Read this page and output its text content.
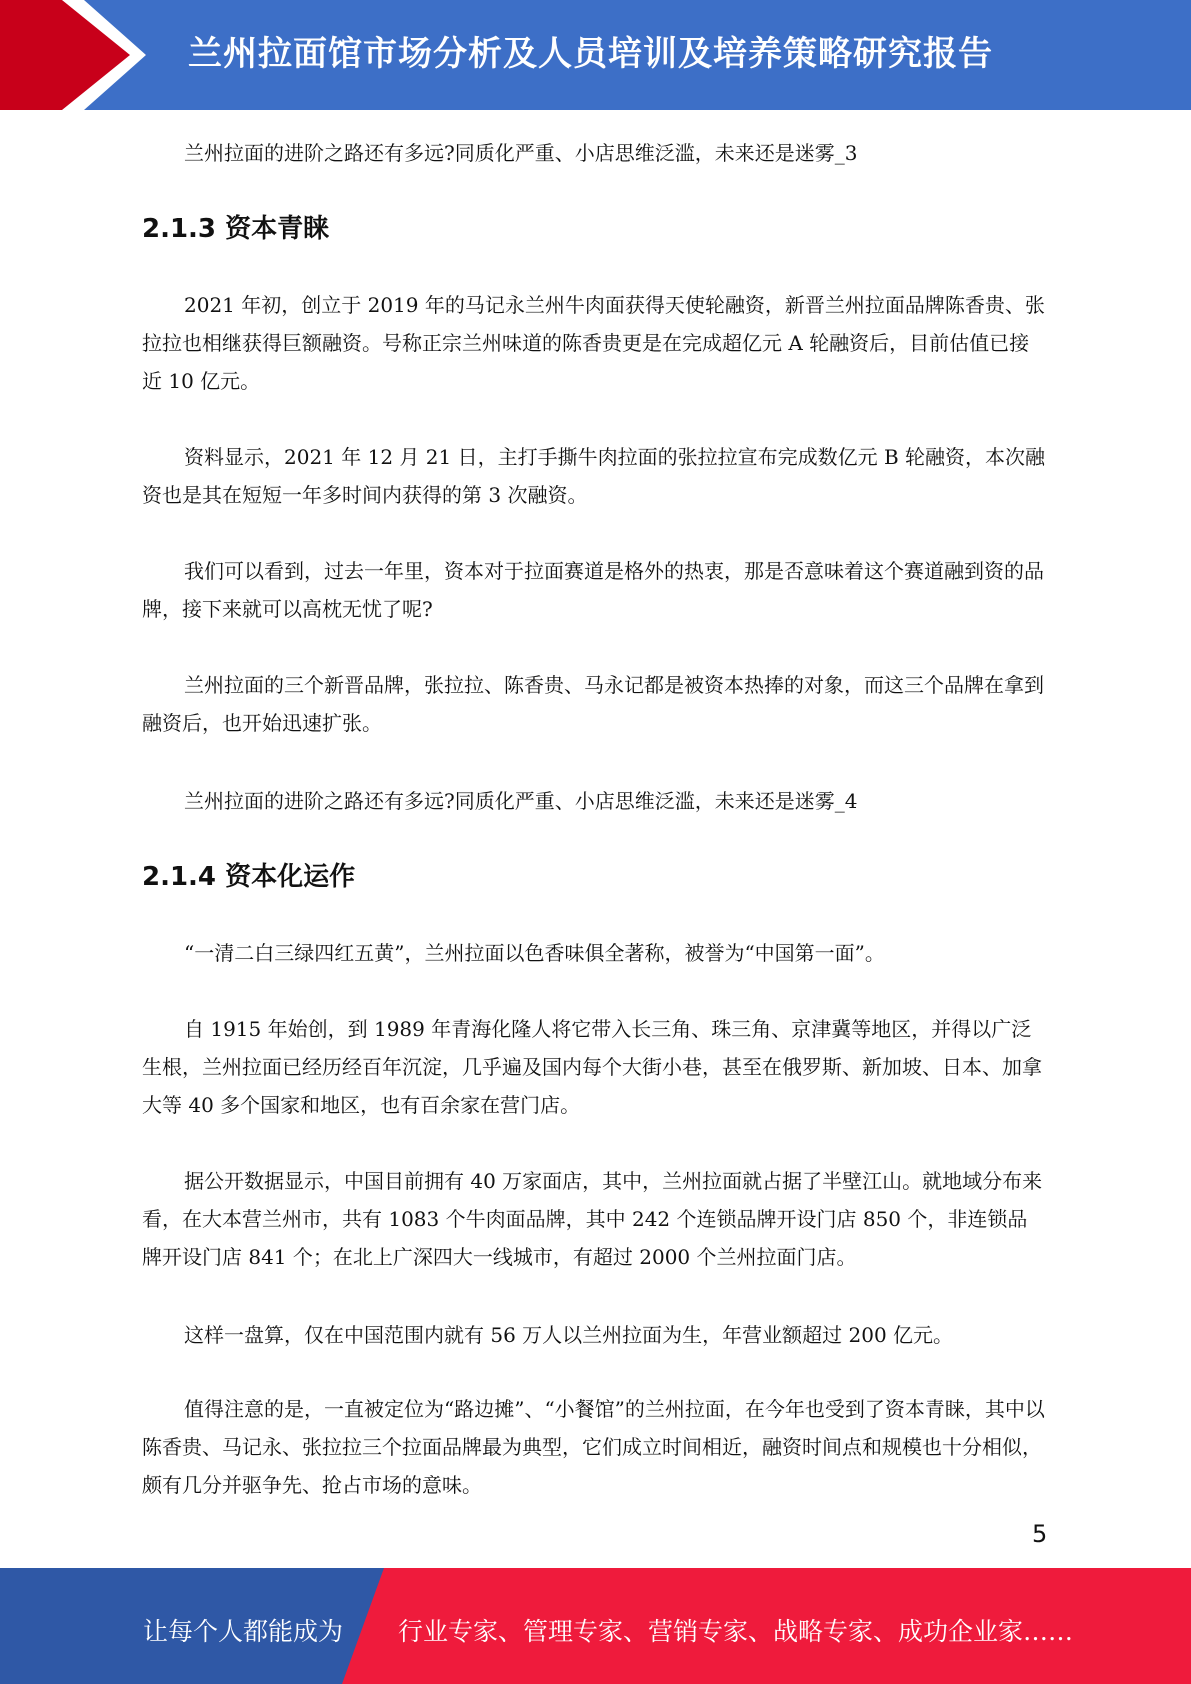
兰州拉面馆市场分析及人员培训及培养策略研究报告

兰州拉面的进阶之路还有多远?同质化严重、小店思维泛滥，未来还是迷雾_3

2.1.3 资本青睐

2021 年初，创立于 2019 年的马记永兰州牛肉面获得天使轮融资，新晋兰州拉面品牌陈香贵、张拉拉也相继获得巨额融资。号称正宗兰州味道的陈香贵更是在完成超亿元 A 轮融资后，目前估值已接近 10 亿元。

资料显示，2021 年 12 月 21 日，主打手撕牛肉拉面的张拉拉宣布完成数亿元 B 轮融资，本次融资也是其在短短一年多时间内获得的第 3 次融资。

我们可以看到，过去一年里，资本对于拉面赛道是格外的热衷，那是否意味着这个赛道融到资的品牌，接下来就可以高枕无忧了呢?

兰州拉面的三个新晋品牌，张拉拉、陈香贵、马永记都是被资本热捧的对象，而这三个品牌在拿到融资后，也开始迅速扩张。

兰州拉面的进阶之路还有多远?同质化严重、小店思维泛滥，未来还是迷雾_4

2.1.4 资本化运作

“一清二白三绿四红五黄”，兰州拉面以色香味俱全著称，被誉为“中国第一面”。

自 1915 年始创，到 1989 年青海化隆人将它带入长三角、珠三角、京津冀等地区，并得以广泛生根，兰州拉面已经历经百年沉淀，几乎遍及国内每个大街小巷，甚至在俄罗斯、新加坡、日本、加拿大等 40 多个国家和地区，也有百余家在营门店。

据公开数据显示，中国目前拥有 40 万家面店，其中，兰州拉面就占据了半壁江山。就地域分布来看，在大本营兰州市，共有 1083 个牛肉面品牌，其中 242 个连锁品牌开设门店 850 个，非连锁品牌开设门店 841 个；在北上广深四大一线城市，有超过 2000 个兰州拉面门店。

这样一盘算，仅在中国范围内就有 56 万人以兰州拉面为生，年营业额超过 200 亿元。

值得注意的是，一直被定位为“路边摊”、“小餐馆”的兰州拉面，在今年也受到了资本青睐，其中以陈香贵、马记永、张拉拉三个拉面品牌最为典型，它们成立时间相近，融资时间点和规模也十分相似，颇有几分并驱争先、抢占市场的意味。

5
让每个人都能成为 行业专家、管理专家、营销专家、战略专家、成功企业家……
